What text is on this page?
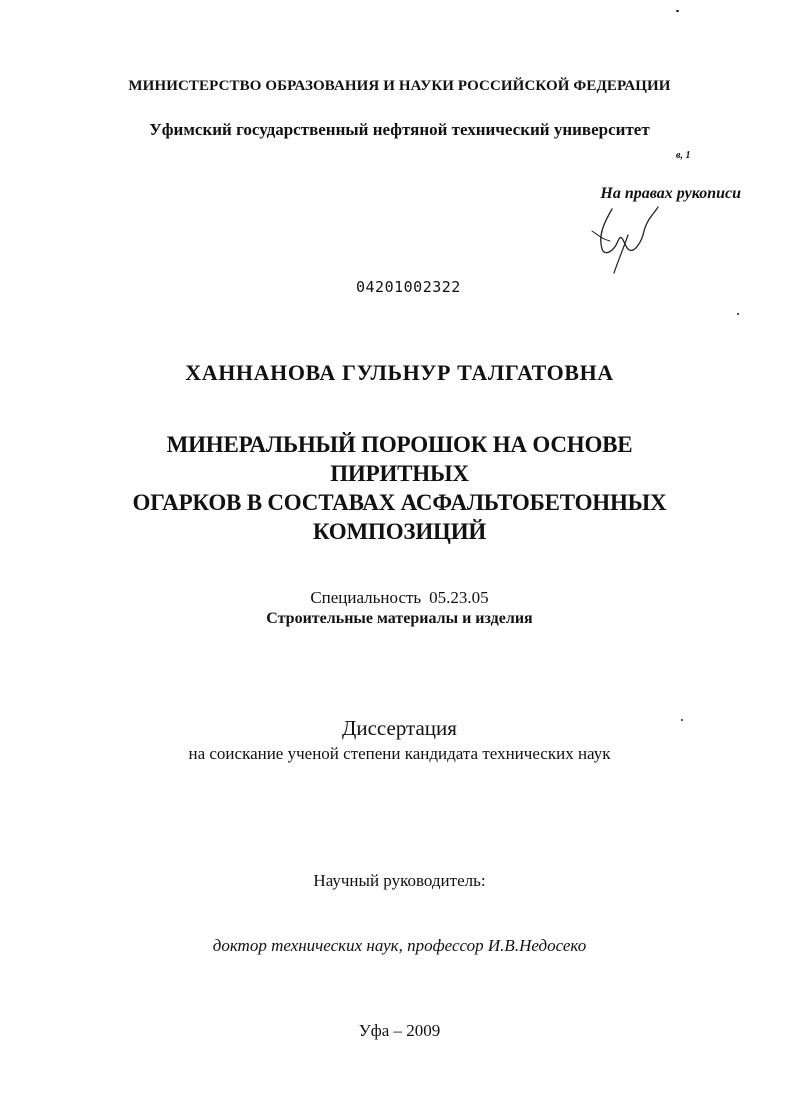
МИНИСТЕРСТВО ОБРАЗОВАНИЯ И НАУКИ РОССИЙСКОЙ ФЕДЕРАЦИИ
Уфимский государственный нефтяной технический университет
в, 1
На правах рукописи
04201002322
ХАННАНОВА ГУЛЬНУР ТАЛГАТОВНА
МИНЕРАЛЬНЫЙ ПОРОШОК НА ОСНОВЕ ПИРИТНЫХ
ОГАРКОВ В СОСТАВАХ АСФАЛЬТОБЕТОННЫХ
КОМПОЗИЦИЙ
Специальность 05.23.05
Строительные материалы и изделия
Диссертация
на соискание ученой степени кандидата технических наук
Научный руководитель:
доктор технических наук, профессор И.В.Недосеко
Уфа – 2009
